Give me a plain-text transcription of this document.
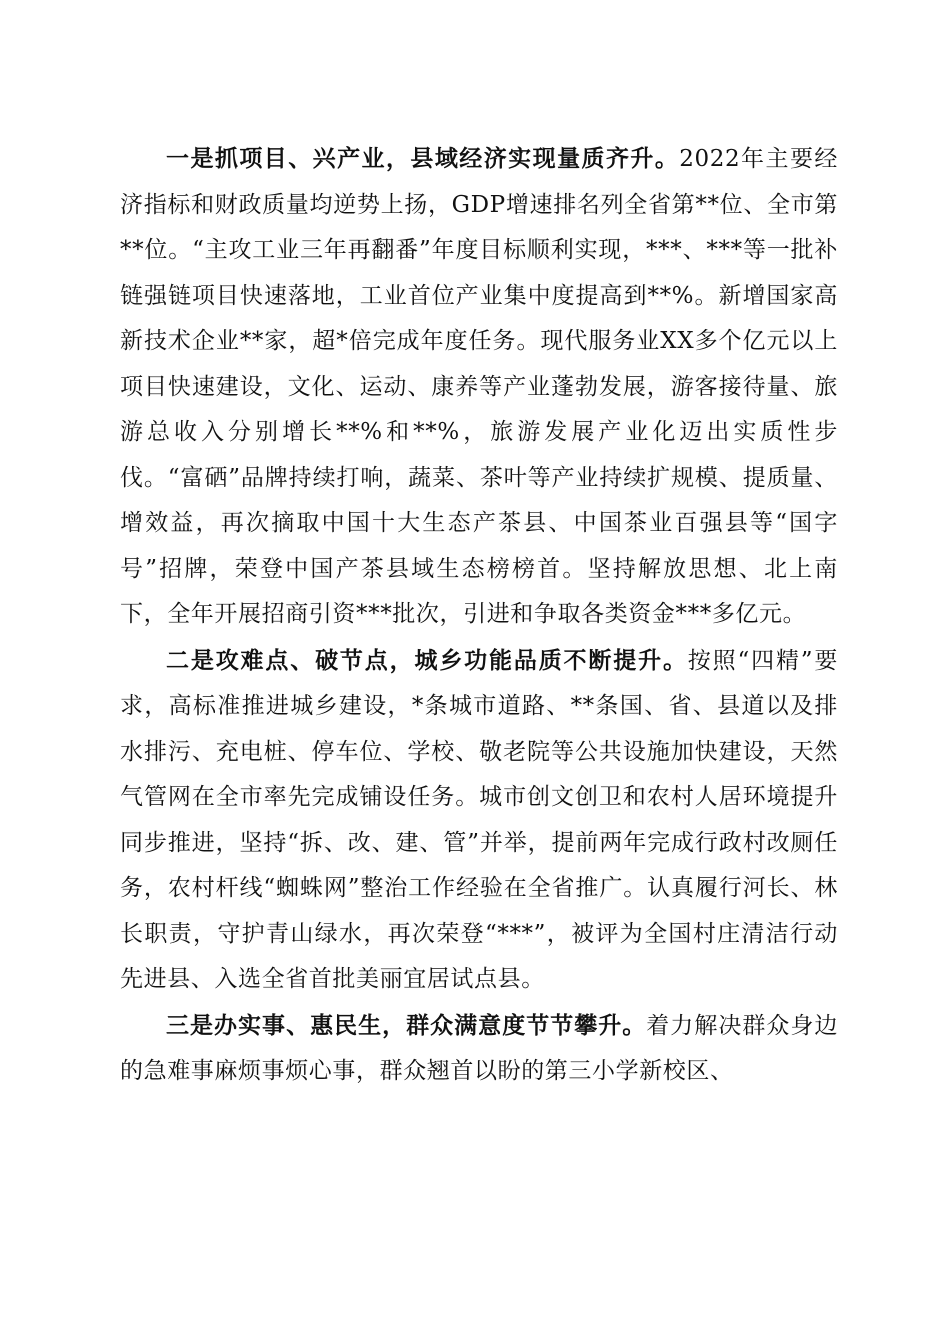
一是抓项目、兴产业，县域经济实现量质齐升。2022年主要经济指标和财政质量均逆势上扬，GDP增速排名列全省第**位、全市第**位。“主攻工业三年再翻番”年度目标顺利实现，***、***等一批补链强链项目快速落地，工业首位产业集中度提高到**%。新增国家高新技术企业**家，超*倍完成年度任务。现代服务业XX多个亿元以上项目快速建设，文化、运动、康养等产业蓬勃发展，游客接待量、旅游总收入分别增长**%和**%，旅游发展产业化迈出实质性步伐。“富硒”品牌持续打响，蔬菜、茶叶等产业持续扩规模、提质量、增效益，再次摘取中国十大生态产茶县、中国茶业百强县等“国字号”招牌，荣登中国产茶县域生态榜榜首。坚持解放思想、北上南下，全年开展招商引资***批次，引进和争取各类资金***多亿元。

二是攻难点、破节点，城乡功能品质不断提升。按照“四精”要求，高标准推进城乡建设，*条城市道路、**条国、省、县道以及排水排污、充电桩、停车位、学校、敬老院等公共设施加快建设，天然气管网在全市率先完成铺设任务。城市创文创卫和农村人居环境提升同步推进，坚持“拆、改、建、管”并举，提前两年完成行政村改厕任务，农村杆线“蜘蛛网”整治工作经验在全省推广。认真履行河长、林长职责，守护青山绿水，再次荣登“***”，被评为全国村庄清洁行动先进县、入选全省首批美丽宜居试点县。

三是办实事、惠民生，群众满意度节节攀升。着力解决群众身边的急难事麻烦事烦心事，群众翘首以盼的第三小学新校区、
